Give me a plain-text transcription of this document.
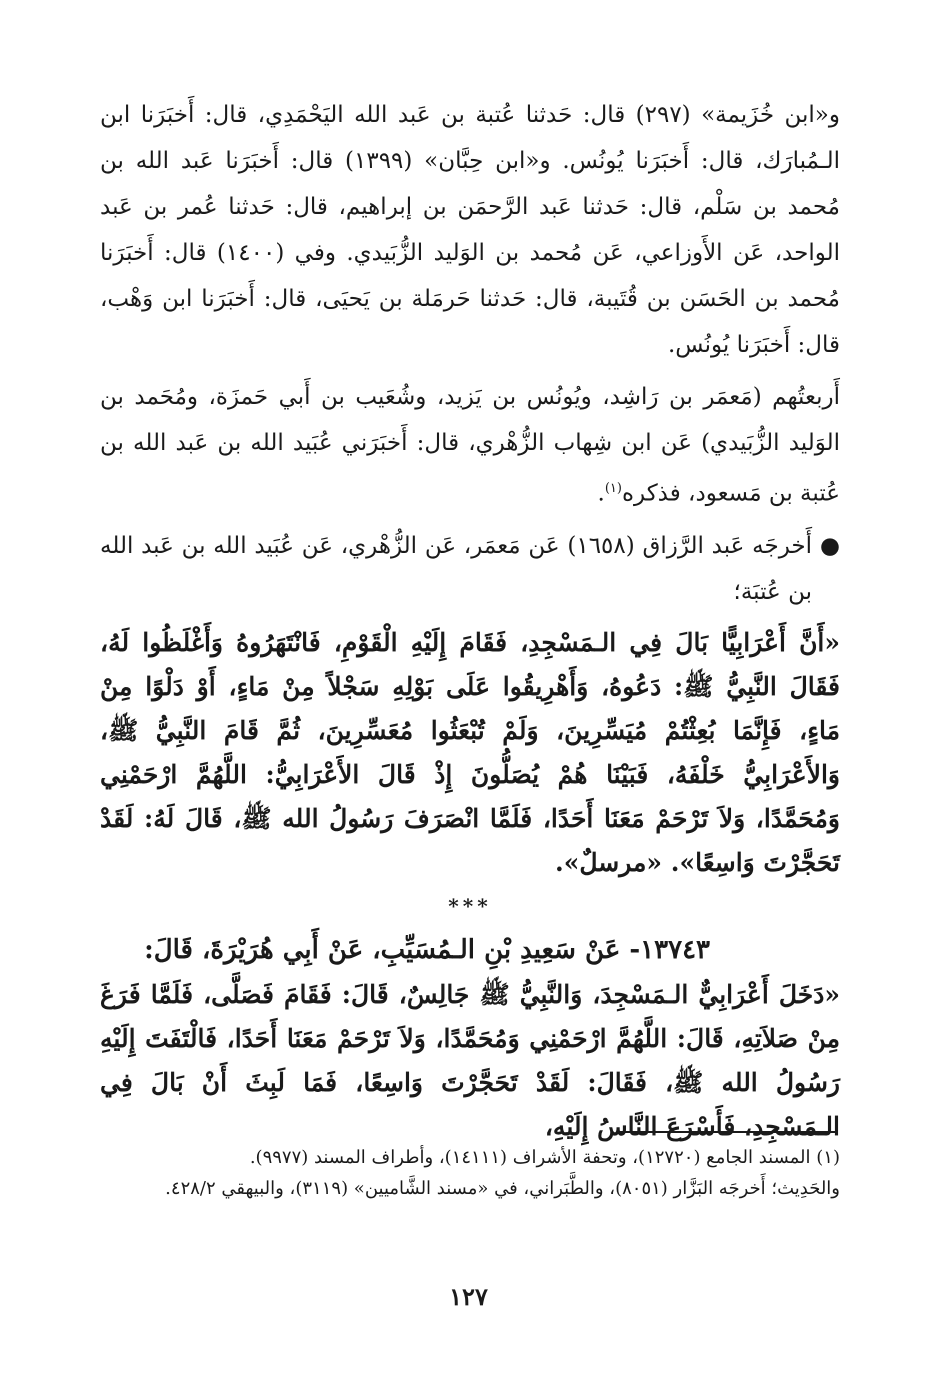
و«ابن خُزَيمة» (٢٩٧) قال: حَدثنا عُتبة بن عَبد الله اليَحْمَدِي، قال: أَخبَرَنا ابن الـمُبارَك، قال: أَخبَرَنا يُونُس. و«ابن حِبَّان» (١٣٩٩) قال: أَخبَرَنا عَبد الله بن مُحمد بن سَلْم، قال: حَدثنا عَبد الرَّحمَن بن إبراهيم، قال: حَدثنا عُمر بن عَبد الواحد، عَن الأَوزاعي، عَن مُحمد بن الوَليد الزُّبَيدي. وفي (١٤٠٠) قال: أَخبَرَنا مُحمد بن الحَسَن بن قُتَيبة، قال: حَدثنا حَرمَلة بن يَحيَى، قال: أَخبَرَنا ابن وَهْب، قال: أَخبَرَنا يُونُس.

أَربعتُهم (مَعمَر بن رَاشِد، ويُونُس بن يَزيد، وشُعَيب بن أَبي حَمزَة، ومُحَمد بن الوَليد الزُّبَيدي) عَن ابن شِهاب الزُّهْري، قال: أَخبَرَني عُبَيد الله بن عَبد الله بن عُتبة بن مَسعود، فذكره$^{(١)}$.

●

أَخرجَه عَبد الرَّزاق (١٦٥٨) عَن مَعمَر، عَن الزُّهْري، عَن عُبَيد الله بن عَبد الله بن عُتبَة؛

«أَنَّ أَعْرَابِيًّا بَالَ فِي الـمَسْجِدِ، فَقَامَ إِلَيْهِ الْقَوْمِ، فَانْتَهَرُوهُ وَأَغْلَظُوا لَهُ، فَقَالَ النَّبِيُّ ﷺ: دَعُوهُ، وَأَهْرِيقُوا عَلَى بَوْلِهِ سَجْلاً مِنْ مَاءٍ، أَوْ دَلْوًا مِنْ مَاءٍ، فَإِنَّمَا بُعِثْتُمْ مُيَسِّرِينَ، وَلَمْ تُبْعَثُوا مُعَسِّرِينَ، ثُمَّ قَامَ النَّبِيُّ ﷺ، وَالأَعْرَابِيُّ خَلْفَهُ، فَبَيْنَا هُمْ يُصَلُّونَ إِذْ قَالَ الأَعْرَابِيُّ: اللَّهُمَّ ارْحَمْنِي وَمُحَمَّدًا، وَلاَ تَرْحَمْ مَعَنَا أَحَدًا، فَلَمَّا انْصَرَفَ رَسُولُ الله ﷺ، قَالَ لَهُ: لَقَدْ تَحَجَّرْتَ وَاسِعًا». «مرسلٌ».

***

١٣٧٤٣- عَنْ سَعِيدِ بْنِ الـمُسَيِّبِ، عَنْ أَبِي هُرَيْرَةَ، قَالَ:

«دَخَلَ أَعْرَابِيٌّ الـمَسْجِدَ، وَالنَّبِيُّ ﷺ جَالِسٌ، قَالَ: فَقَامَ فَصَلَّى، فَلَمَّا فَرَغَ مِنْ صَلاَتِهِ، قَالَ: اللَّهُمَّ ارْحَمْنِي وَمُحَمَّدًا، وَلاَ تَرْحَمْ مَعَنَا أَحَدًا، فَالْتَفَتَ إِلَيْهِ رَسُولُ الله ﷺ، فَقَالَ: لَقَدْ تَحَجَّرْتَ وَاسِعًا، فَمَا لَبِثَ أَنْ بَالَ فِي الـمَسْجِدِ، فَأَسْرَعَ النَّاسُ إِلَيْهِ،

(١) المسند الجامع (١٢٧٢٠)، وتحفة الأشراف (١٤١١١)، وأطراف المسند (٩٩٧٧).

والحَدِيث؛ أَخرجَه البَزَّار (٨٠٥١)، والطَّبَراني، في «مسند الشَّاميين» (٣١١٩)، والبيهقي ٤٢٨/٢.

١٢٧
